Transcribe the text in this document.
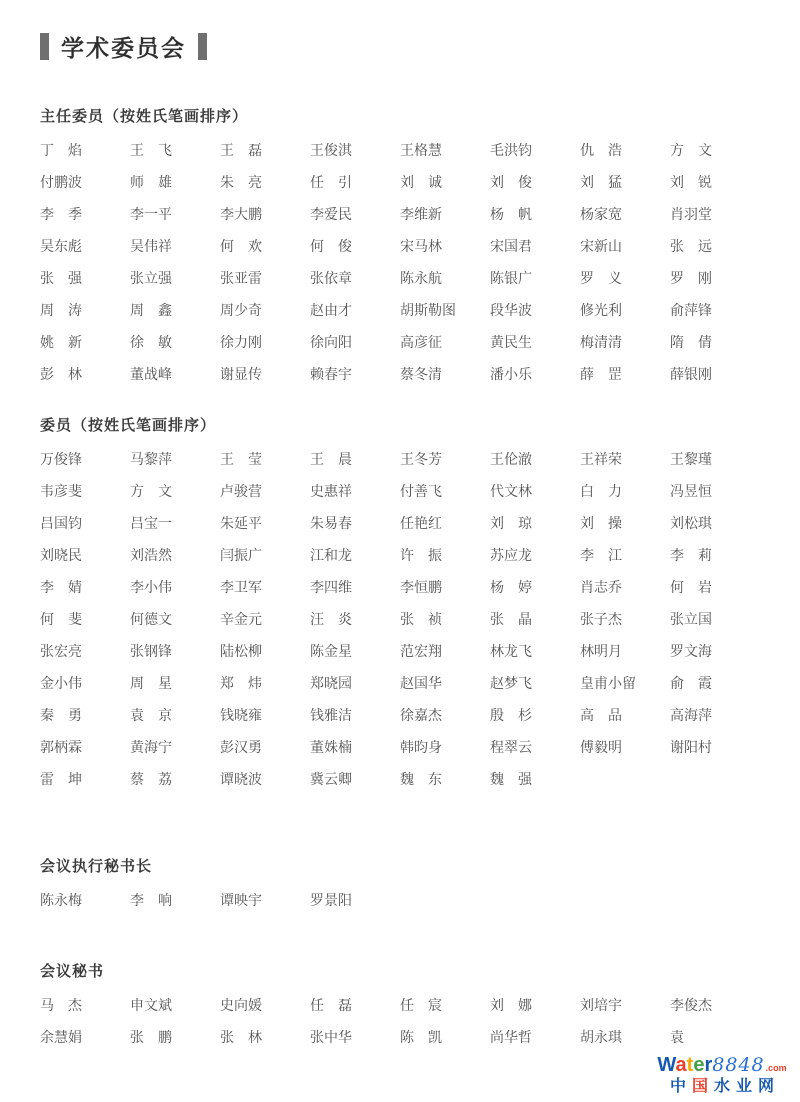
学术委员会
主任委员（按姓氏笔画排序）
丁　焰	王　飞	王　磊	王俊淇	王格慧	毛洪钧	仇　浩	方　文
付鹏波	师　雄	朱　亮	任　引	刘　诚	刘　俊	刘　猛	刘　锐
李　季	李一平	李大鹏	李爱民	李维新	杨　帆	杨家宽	肖羽堂
吴东彪	吴伟祥	何　欢	何　俊	宋马林	宋国君	宋新山	张　远
张　强	张立强	张亚雷	张依章	陈永航	陈银广	罗　义	罗　刚
周　涛	周　鑫	周少奇	赵由才	胡斯勒图	段华波	修光利	俞萍锋
姚　新	徐　敏	徐力刚	徐向阳	高彦征	黄民生	梅清清	隋　倩
彭　林	董战峰	谢显传	赖春宇	蔡冬清	潘小乐	薛　罡	薛银刚
委员（按姓氏笔画排序）
万俊锋	马黎萍	王　莹	王　晨	王冬芳	王伦澈	王祥荣	王黎瑾
韦彦斐	方　文	卢骏营	史惠祥	付善飞	代文林	白　力	冯昱恒
吕国钧	吕宝一	朱延平	朱易春	任艳红	刘　琼	刘　操	刘松琪
刘晓民	刘浩然	闫振广	江和龙	许　振	苏应龙	李　江	李　莉
李　婧	李小伟	李卫军	李四维	李恒鹏	杨　婷	肖志乔	何　岩
何　斐	何德文	辛金元	汪　炎	张　祯	张　晶	张子杰	张立国
张宏亮	张钢锋	陆松柳	陈金星	范宏翔	林龙飞	林明月	罗文海
金小伟	周　星	郑　炜	郑晓园	赵国华	赵梦飞	皇甫小留	俞　霞
秦　勇	袁　京	钱晓雍	钱雅洁	徐嘉杰	殷　杉	高　品	高海萍
郭柄霖	黄海宁	彭汉勇	董姝楠	韩昀身	程翠云	傅毅明	谢阳村
雷　坤	蔡　荔	谭晓波	冀云卿	魏　东	魏　强
会议执行秘书长
陈永梅	李　响	谭映宇	罗景阳
会议秘书
马　杰	申文斌	史向媛	任　磊	任　宸	刘　娜	刘培宇	李俊杰
余慧娟	张　鹏	张　林	张中华	陈　凯	尚华哲	胡永琪	袁
Water 8848 .com
中 国 水 业 网
